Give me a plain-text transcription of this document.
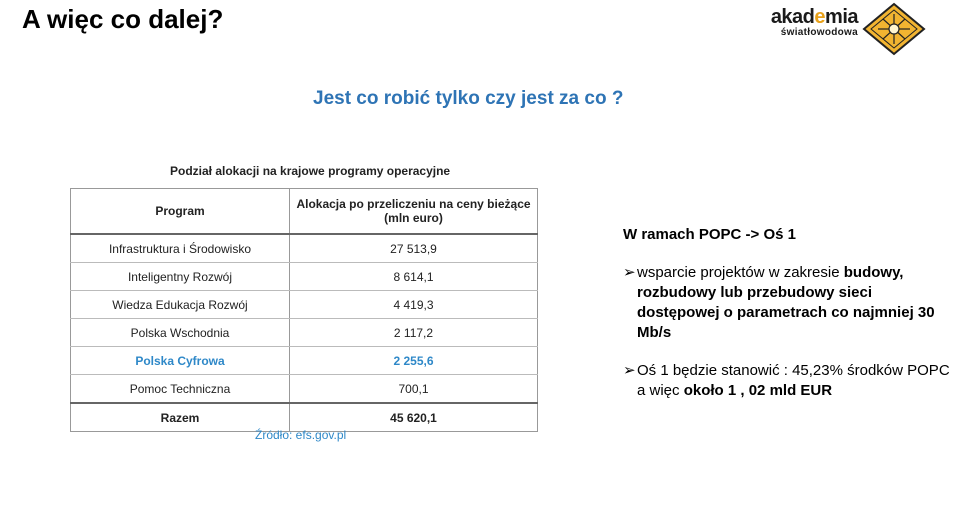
A więc co dalej?	akademia
światłowodowa
Jest co robić tylko czy jest za co ?
Podział alokacji na krajowe programy operacyjne
Program	Alokacja po przeliczeniu na ceny bieżące (mln euro)
Infrastruktura i Środowisko	27 513,9
Inteligentny Rozwój	8 614,1
Wiedza Edukacja Rozwój	4 419,3
Polska Wschodnia	2 117,2
Polska Cyfrowa	2 255,6
Pomoc Techniczna	700,1
Razem	45 620,1
Źródło: efs.gov.pl
W ramach POPC -> Oś 1
➢ wsparcie projektów w zakresie budowy, rozbudowy lub przebudowy sieci dostępowej o parametrach co najmniej 30 Mb/s
➢ Oś 1 będzie stanowić : 45,23% środków POPC a więc około 1 , 02 mld EUR
